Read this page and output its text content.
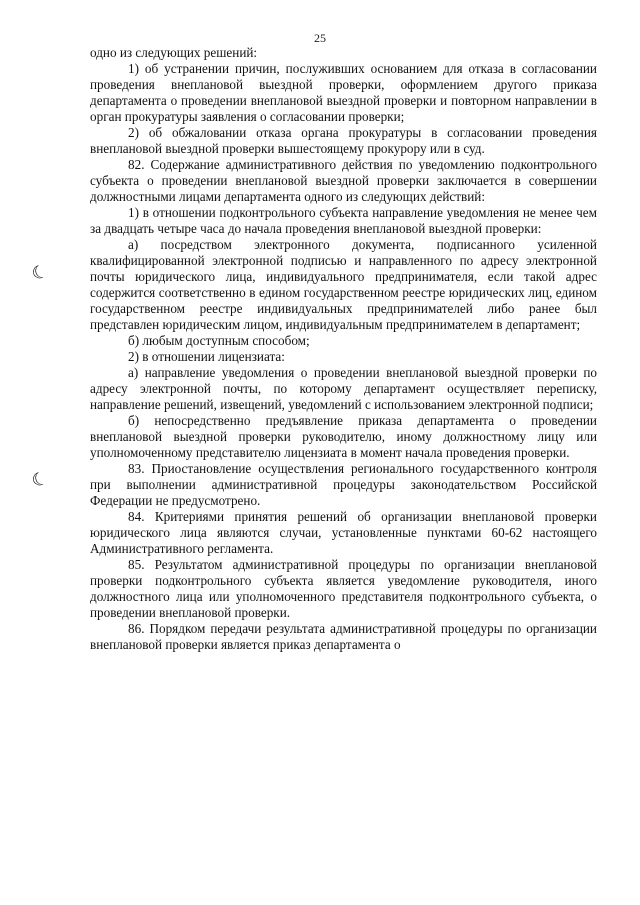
25
☾
☾

одно из следующих решений:

1) об устранении причин, послуживших основанием для отказа в согласовании проведения внеплановой выездной проверки, оформлением другого приказа департамента о проведении внеплановой выездной проверки и повторном направлении в орган прокуратуры заявления о согласовании проверки;

2) об обжаловании отказа органа прокуратуры в согласовании проведения внеплановой выездной проверки вышестоящему прокурору или в суд.

82. Содержание административного действия по уведомлению подконтрольного субъекта о проведении внеплановой выездной проверки заключается в совершении должностными лицами департамента одного из следующих действий:

1) в отношении подконтрольного субъекта направление уведомления не менее чем за двадцать четыре часа до начала проведения внеплановой выездной проверки:

а) посредством электронного документа, подписанного усиленной квалифицированной электронной подписью и направленного по адресу электронной почты юридического лица, индивидуального предпринимателя, если такой адрес содержится соответственно в едином государственном реестре юридических лиц, едином государственном реестре индивидуальных предпринимателей либо ранее был представлен юридическим лицом, индивидуальным предпринимателем в департамент;

б) любым доступным способом;

2) в отношении лицензиата:

а) направление уведомления о проведении внеплановой выездной проверки по адресу электронной почты, по которому департамент осуществляет переписку, направление решений, извещений, уведомлений с использованием электронной подписи;

б) непосредственно предъявление приказа департамента о проведении внеплановой выездной проверки руководителю, иному должностному лицу или уполномоченному представителю лицензиата в момент начала проведения проверки.

83. Приостановление осуществления регионального государственного контроля при выполнении административной процедуры законодательством Российской Федерации не предусмотрено.

84. Критериями принятия решений об организации внеплановой проверки юридического лица являются случаи, установленные пунктами 60-62 настоящего Административного регламента.

85. Результатом административной процедуры по организации внеплановой проверки подконтрольного субъекта является уведомление руководителя, иного должностного лица или уполномоченного представителя подконтрольного субъекта, о проведении внеплановой проверки.

86. Порядком передачи результата административной процедуры по организации внеплановой проверки является приказ департамента о
